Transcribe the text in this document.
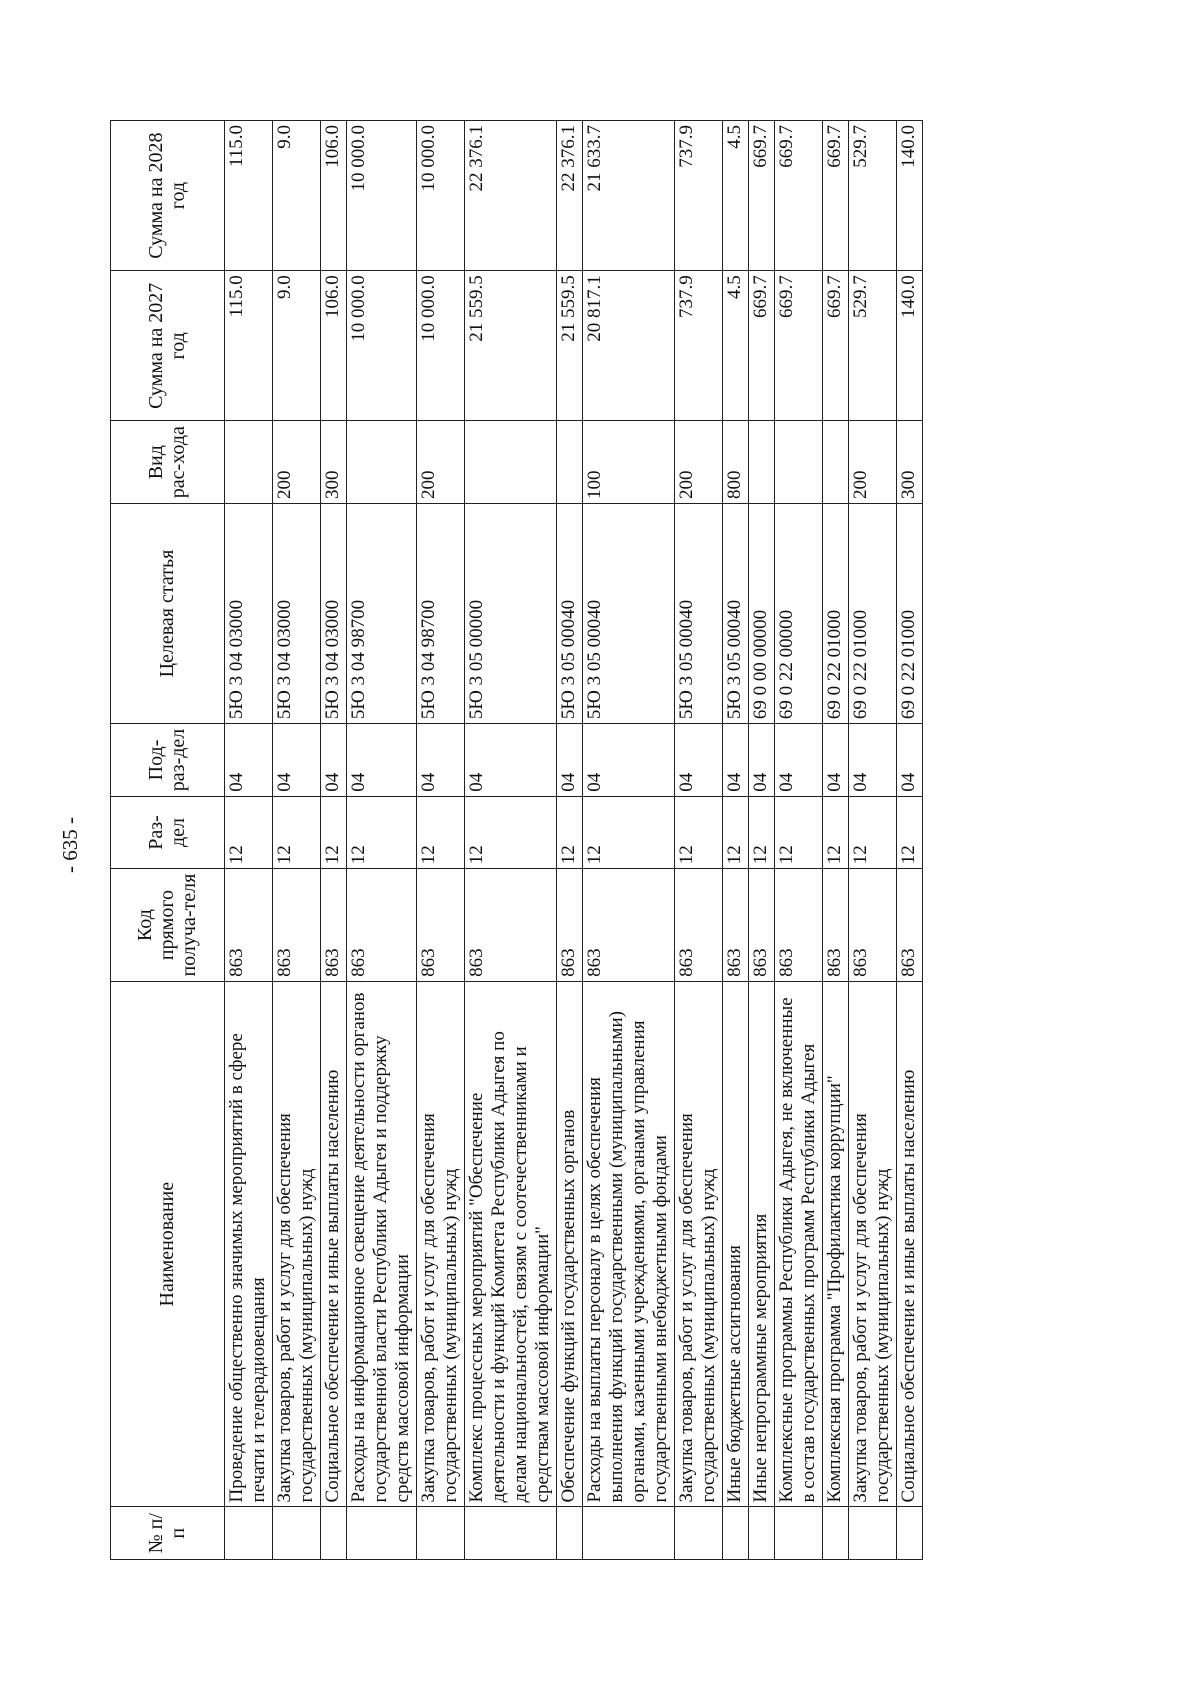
- 635 -
№ п/п	Наименование	Код прямого получа-теля	Раз-дел	Под-раз-дел	Целевая статья	Вид рас-хода	Сумма на 2027 год	Сумма на 2028 год
	Проведение общественно значимых мероприятий в сфере печати и телерадиовещания	863	12	04	5Ю 3 04 03000		115.0	115.0
	Закупка товаров, работ и услуг для обеспечения государственных (муниципальных) нужд	863	12	04	5Ю 3 04 03000	200	9.0	9.0
	Социальное обеспечение и иные выплаты населению	863	12	04	5Ю 3 04 03000	300	106.0	106.0
	Расходы на информационное освещение деятельности органов государственной власти Республики Адыгея и поддержку средств массовой информации	863	12	04	5Ю 3 04 98700		10 000.0	10 000.0
	Закупка товаров, работ и услуг для обеспечения государственных (муниципальных) нужд	863	12	04	5Ю 3 04 98700	200	10 000.0	10 000.0
	Комплекс процессных мероприятий "Обеспечение деятельности и функций Комитета Республики Адыгея по делам национальностей, связям с соотечественниками и средствам массовой информации"	863	12	04	5Ю 3 05 00000		21 559.5	22 376.1
	Обеспечение функций государственных органов	863	12	04	5Ю 3 05 00040		21 559.5	22 376.1
	Расходы на выплаты персоналу в целях обеспечения выполнения функций государственными (муниципальными) органами, казенными учреждениями, органами управления государственными внебюджетными фондами	863	12	04	5Ю 3 05 00040	100	20 817.1	21 633.7
	Закупка товаров, работ и услуг для обеспечения государственных (муниципальных) нужд	863	12	04	5Ю 3 05 00040	200	737.9	737.9
	Иные бюджетные ассигнования	863	12	04	5Ю 3 05 00040	800	4.5	4.5
	Иные непрограммные мероприятия	863	12	04	69 0 00 00000		669.7	669.7
	Комплексные программы Республики Адыгея, не включенные в состав государственных программ Республики Адыгея	863	12	04	69 0 22 00000		669.7	669.7
	Комплексная программа "Профилактика коррупции"	863	12	04	69 0 22 01000		669.7	669.7
	Закупка товаров, работ и услуг для обеспечения государственных (муниципальных) нужд	863	12	04	69 0 22 01000	200	529.7	529.7
	Социальное обеспечение и иные выплаты населению	863	12	04	69 0 22 01000	300	140.0	140.0
